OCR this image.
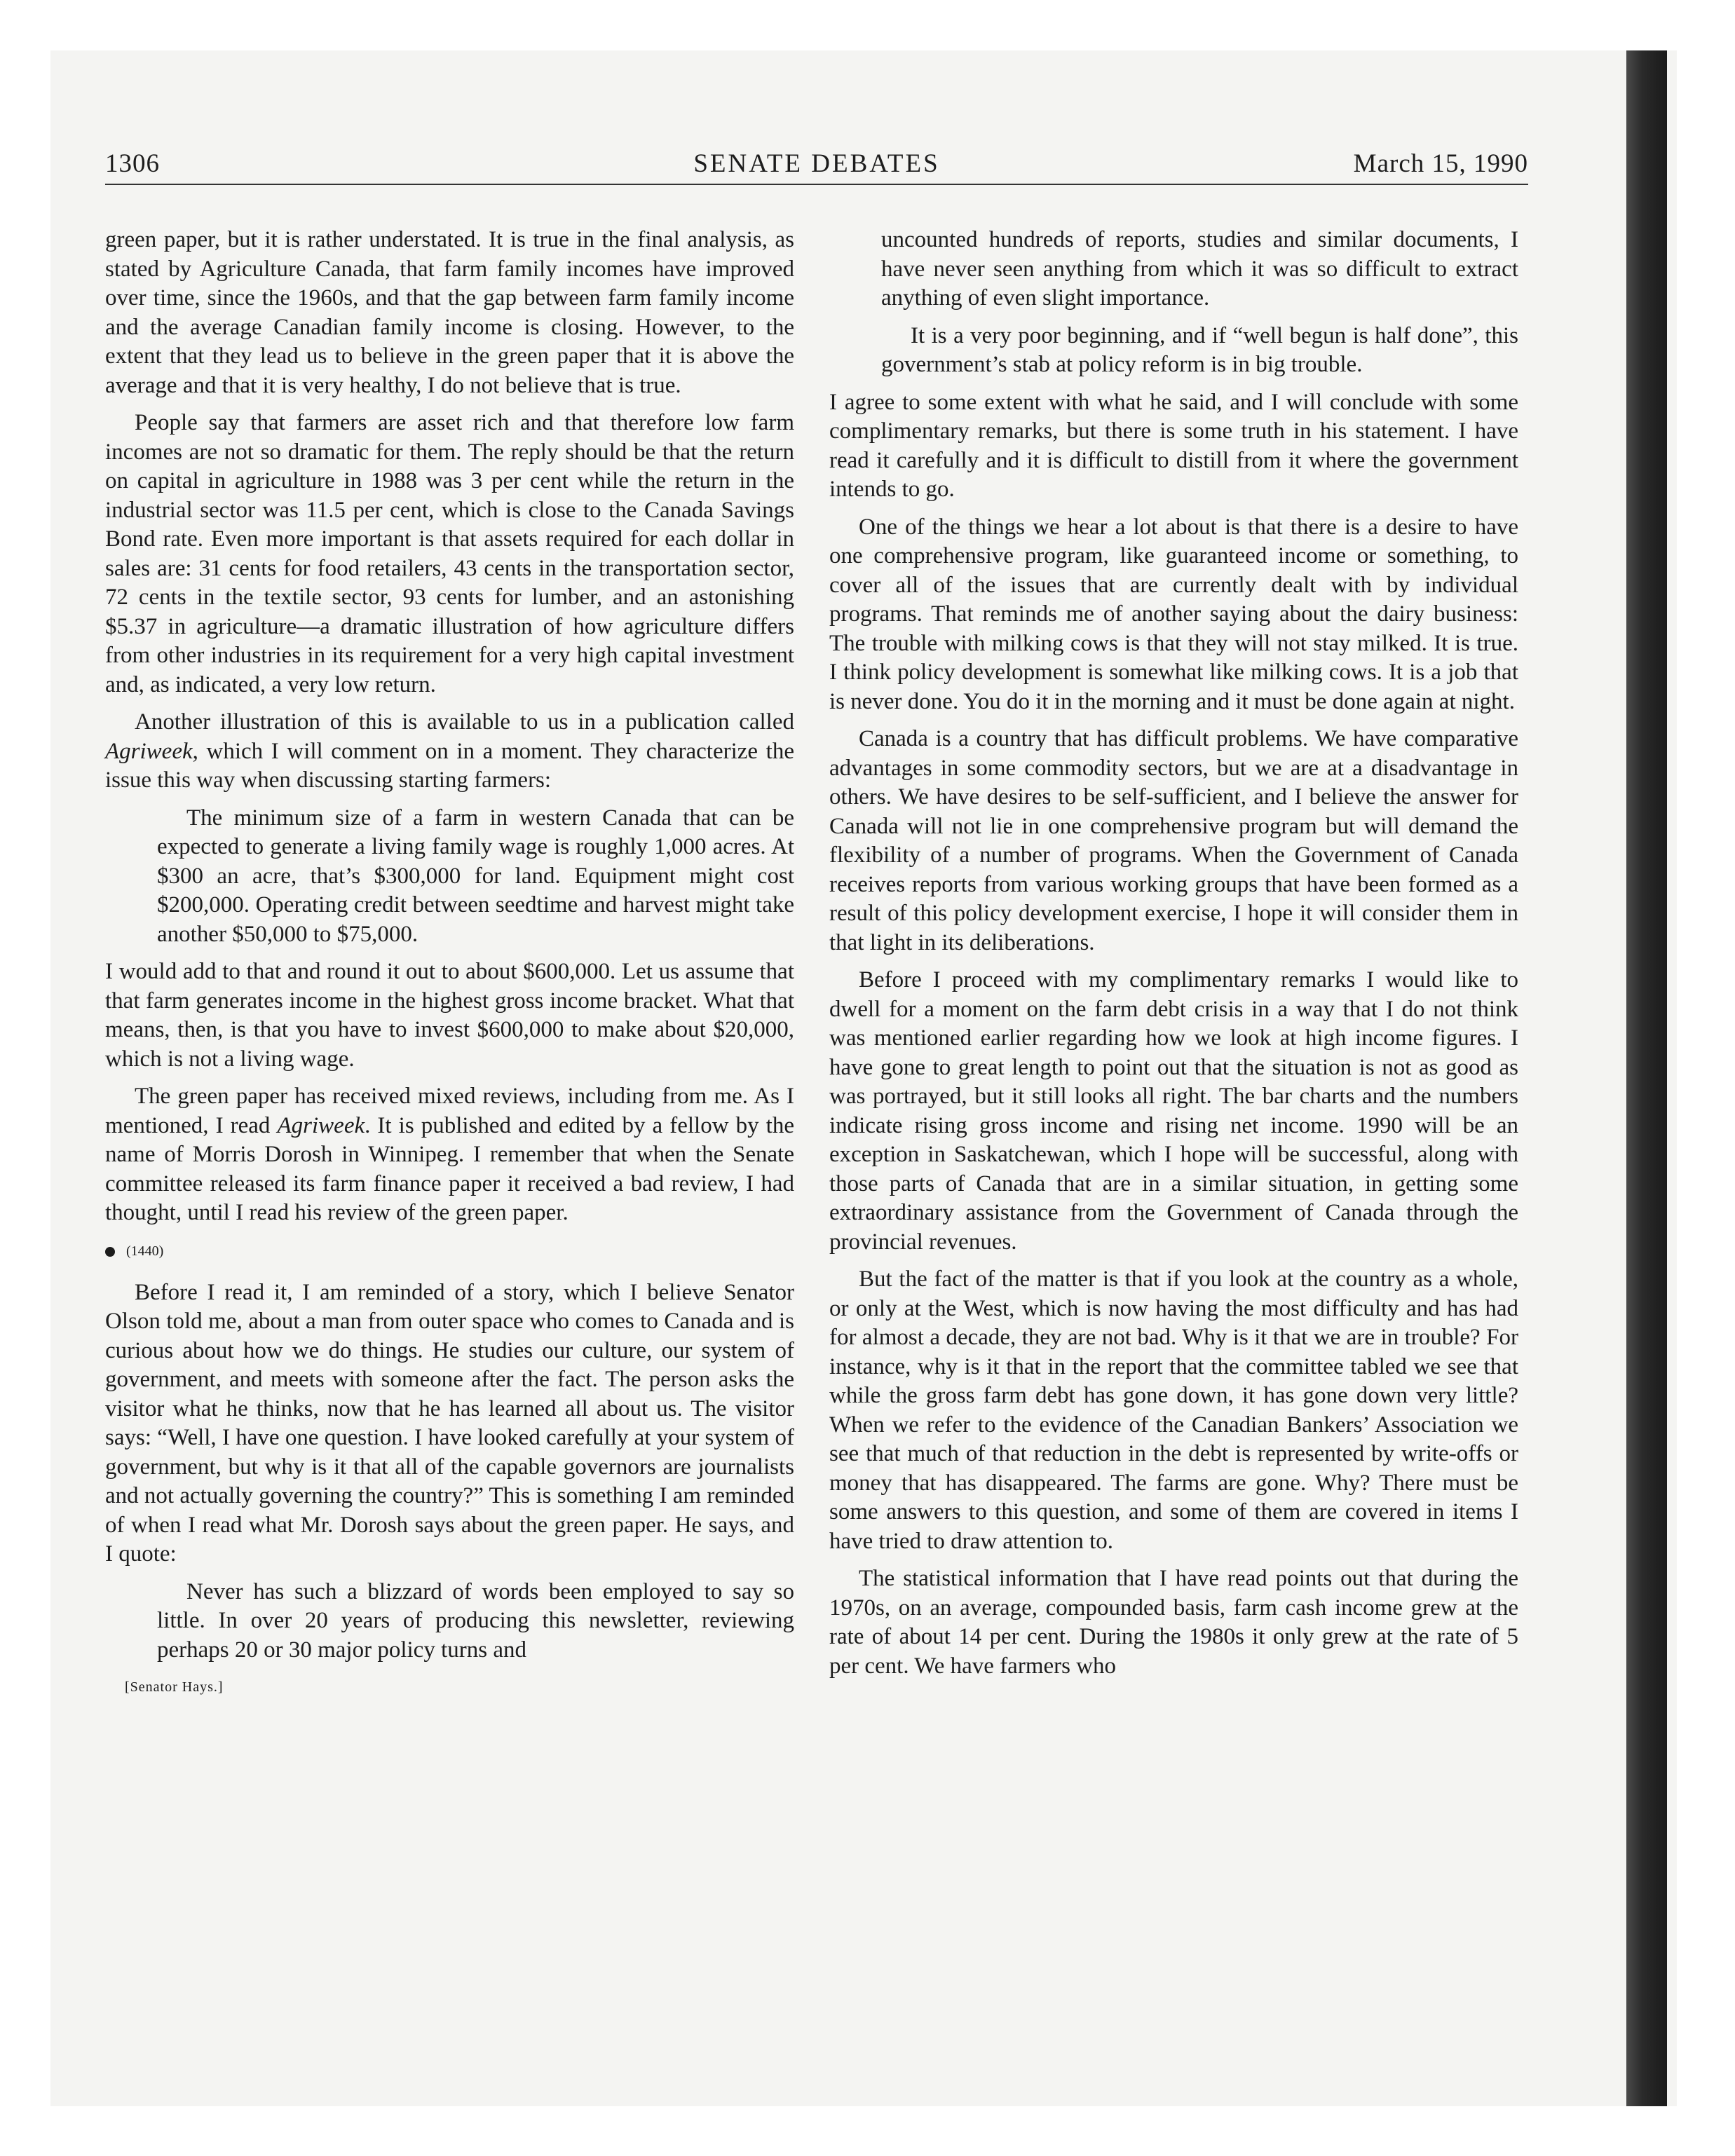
1306	SENATE DEBATES	March 15, 1990

green paper, but it is rather understated. It is true in the final analysis, as stated by Agriculture Canada, that farm family incomes have improved over time, since the 1960s, and that the gap between farm family income and the average Canadian family income is closing. However, to the extent that they lead us to believe in the green paper that it is above the average and that it is very healthy, I do not believe that is true.

People say that farmers are asset rich and that therefore low farm incomes are not so dramatic for them. The reply should be that the return on capital in agriculture in 1988 was 3 per cent while the return in the industrial sector was 11.5 per cent, which is close to the Canada Savings Bond rate. Even more important is that assets required for each dollar in sales are: 31 cents for food retailers, 43 cents in the transportation sector, 72 cents in the textile sector, 93 cents for lumber, and an astonishing $5.37 in agriculture—a dramatic illustration of how agriculture differs from other industries in its requirement for a very high capital investment and, as indicated, a very low return.

Another illustration of this is available to us in a publication called Agriweek, which I will comment on in a moment. They characterize the issue this way when discussing starting farmers:

The minimum size of a farm in western Canada that can be expected to generate a living family wage is roughly 1,000 acres. At $300 an acre, that’s $300,000 for land. Equipment might cost $200,000. Operating credit between seedtime and harvest might take another $50,000 to $75,000.

I would add to that and round it out to about $600,000. Let us assume that that farm generates income in the highest gross income bracket. What that means, then, is that you have to invest $600,000 to make about $20,000, which is not a living wage.

The green paper has received mixed reviews, including from me. As I mentioned, I read Agriweek. It is published and edited by a fellow by the name of Morris Dorosh in Winnipeg. I remember that when the Senate committee released its farm finance paper it received a bad review, I had thought, until I read his review of the green paper.

(1440)

Before I read it, I am reminded of a story, which I believe Senator Olson told me, about a man from outer space who comes to Canada and is curious about how we do things. He studies our culture, our system of government, and meets with someone after the fact. The person asks the visitor what he thinks, now that he has learned all about us. The visitor says: “Well, I have one question. I have looked carefully at your system of government, but why is it that all of the capable governors are journalists and not actually governing the country?” This is something I am reminded of when I read what Mr. Dorosh says about the green paper. He says, and I quote:

Never has such a blizzard of words been employed to say so little. In over 20 years of producing this newsletter, reviewing perhaps 20 or 30 major policy turns and
[Senator Hays.]
uncounted hundreds of reports, studies and similar documents, I have never seen anything from which it was so difficult to extract anything of even slight importance.
It is a very poor beginning, and if “well begun is half done”, this government’s stab at policy reform is in big trouble.

I agree to some extent with what he said, and I will conclude with some complimentary remarks, but there is some truth in his statement. I have read it carefully and it is difficult to distill from it where the government intends to go.

One of the things we hear a lot about is that there is a desire to have one comprehensive program, like guaranteed income or something, to cover all of the issues that are currently dealt with by individual programs. That reminds me of another saying about the dairy business: The trouble with milking cows is that they will not stay milked. It is true. I think policy development is somewhat like milking cows. It is a job that is never done. You do it in the morning and it must be done again at night.

Canada is a country that has difficult problems. We have comparative advantages in some commodity sectors, but we are at a disadvantage in others. We have desires to be self-sufficient, and I believe the answer for Canada will not lie in one comprehensive program but will demand the flexibility of a number of programs. When the Government of Canada receives reports from various working groups that have been formed as a result of this policy development exercise, I hope it will consider them in that light in its deliberations.

Before I proceed with my complimentary remarks I would like to dwell for a moment on the farm debt crisis in a way that I do not think was mentioned earlier regarding how we look at high income figures. I have gone to great length to point out that the situation is not as good as was portrayed, but it still looks all right. The bar charts and the numbers indicate rising gross income and rising net income. 1990 will be an exception in Saskatchewan, which I hope will be successful, along with those parts of Canada that are in a similar situation, in getting some extraordinary assistance from the Government of Canada through the provincial revenues.

But the fact of the matter is that if you look at the country as a whole, or only at the West, which is now having the most difficulty and has had for almost a decade, they are not bad. Why is it that we are in trouble? For instance, why is it that in the report that the committee tabled we see that while the gross farm debt has gone down, it has gone down very little? When we refer to the evidence of the Canadian Bankers’ Association we see that much of that reduction in the debt is represented by write-offs or money that has disappeared. The farms are gone. Why? There must be some answers to this question, and some of them are covered in items I have tried to draw attention to.

The statistical information that I have read points out that during the 1970s, on an average, compounded basis, farm cash income grew at the rate of about 14 per cent. During the 1980s it only grew at the rate of 5 per cent. We have farmers who
